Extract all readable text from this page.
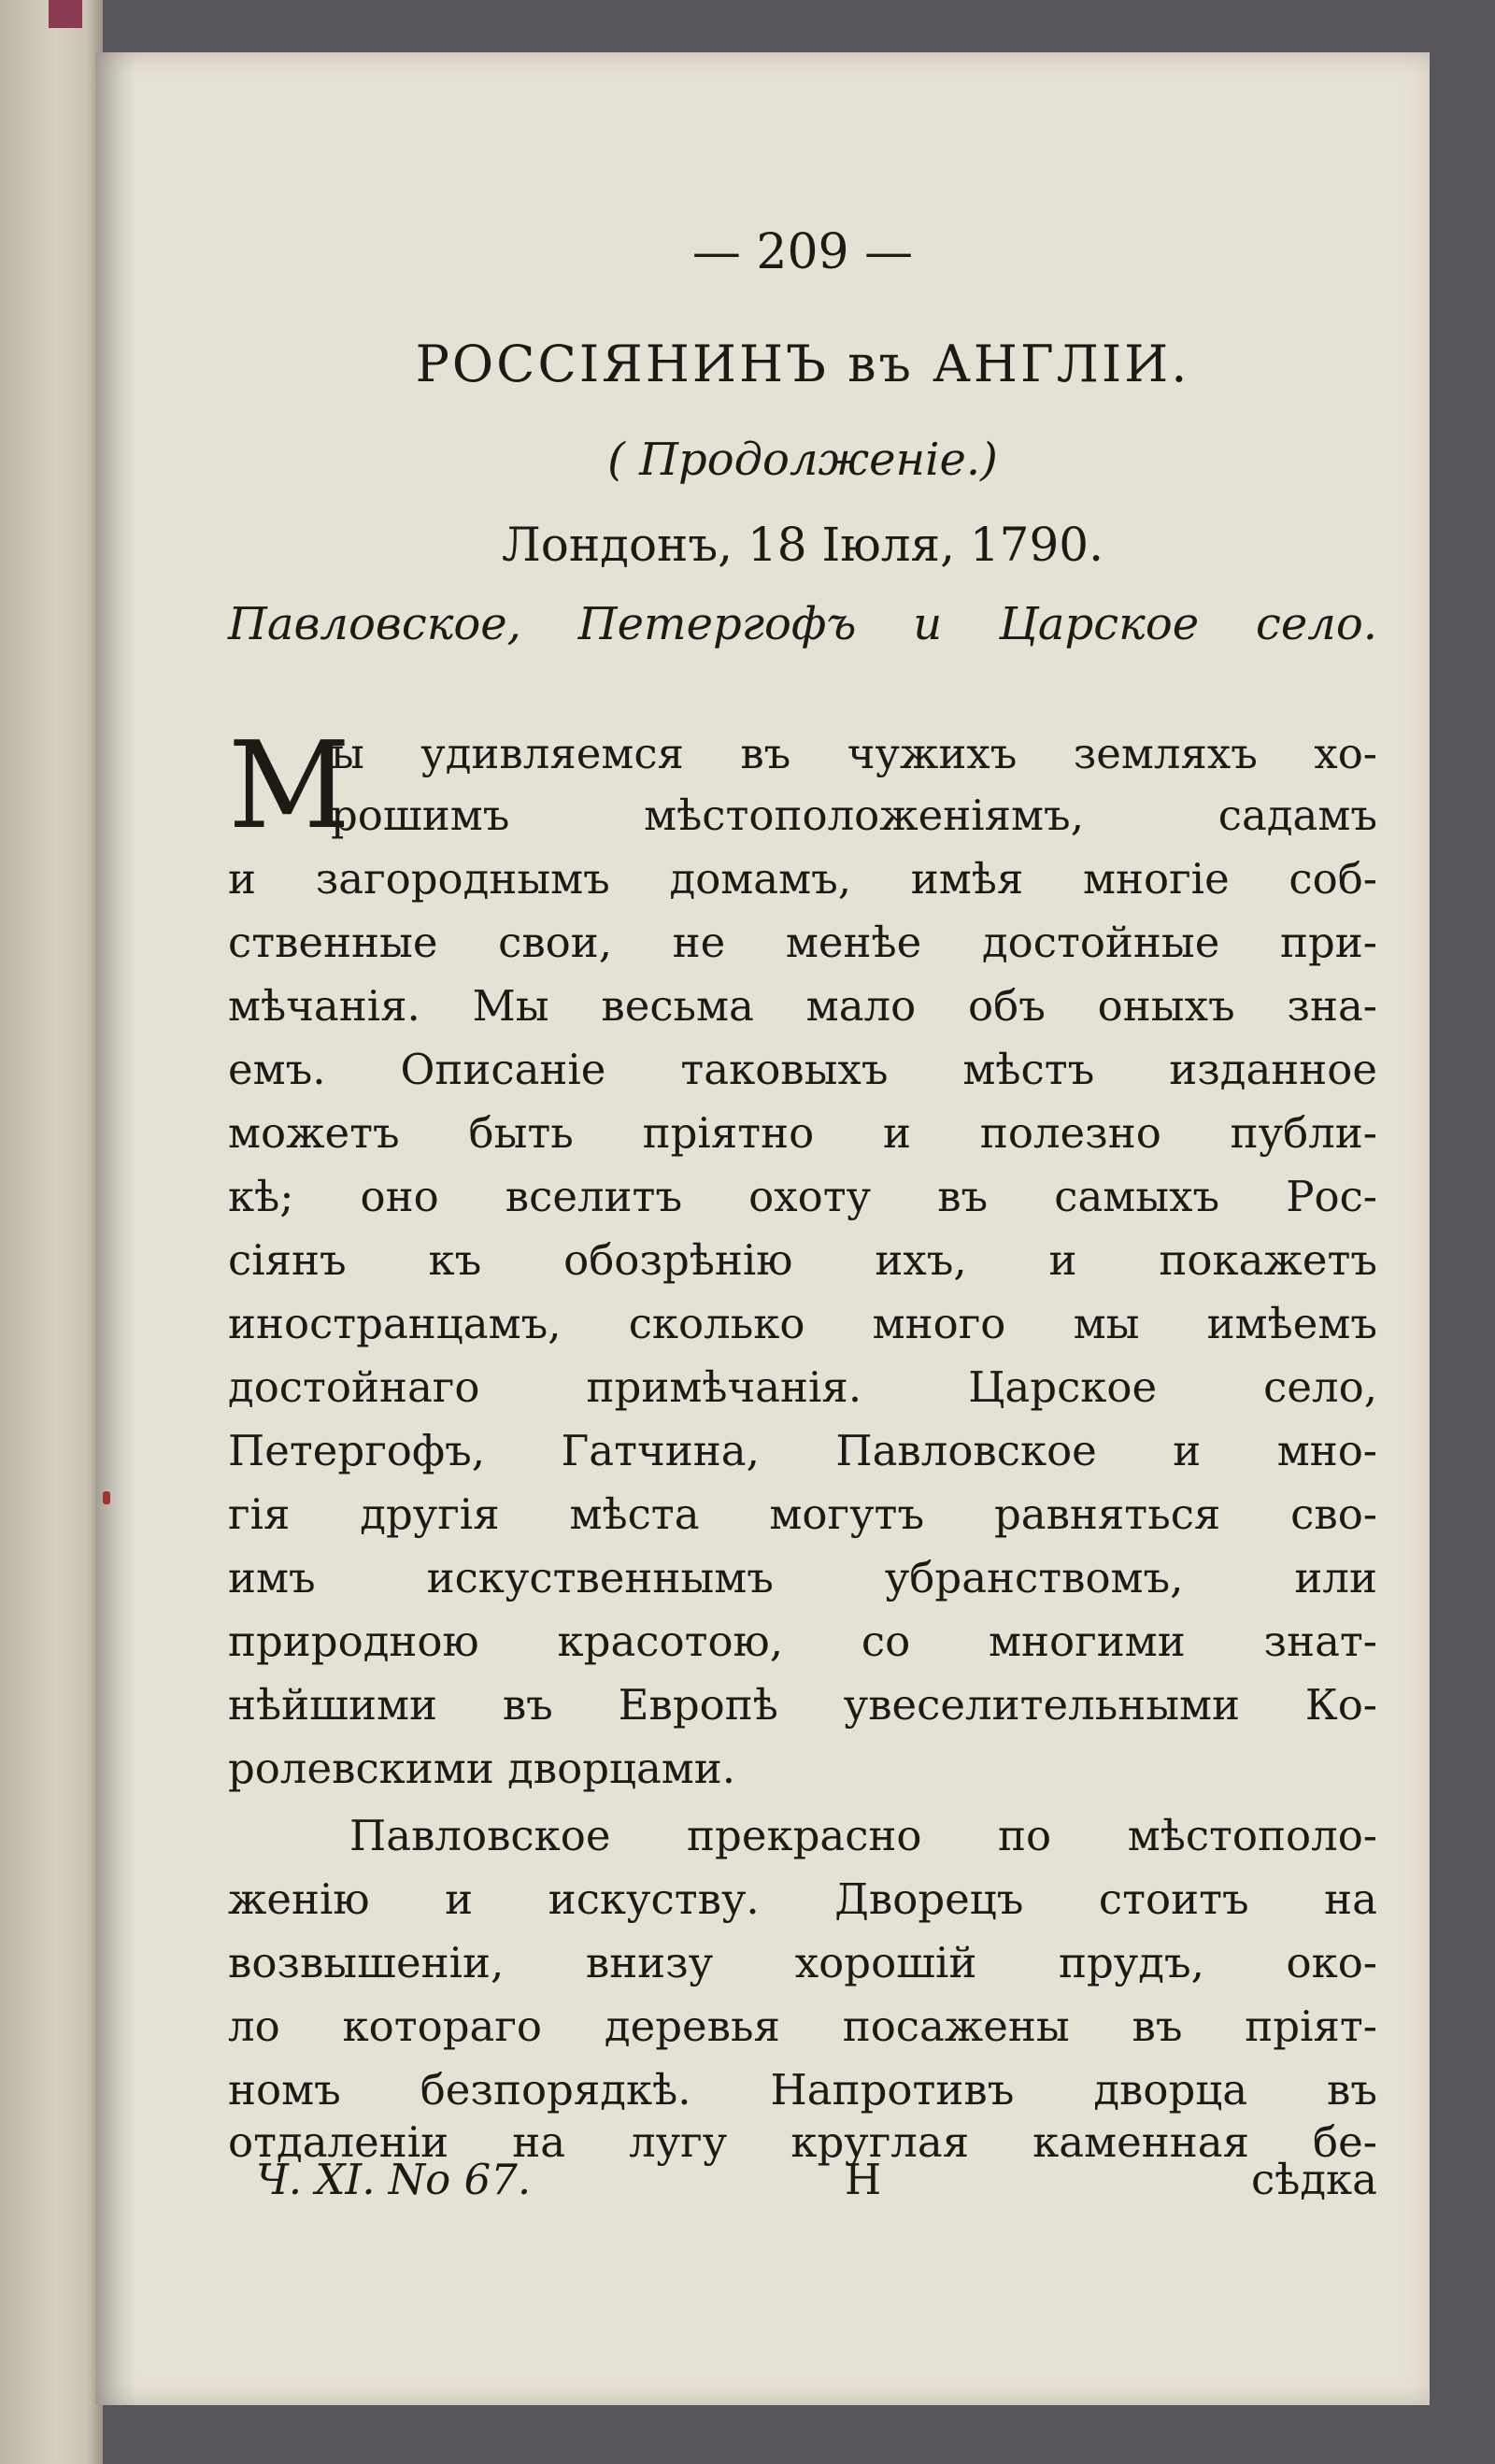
— 209 —
РОССІЯНИНЪ въ АНГЛІИ.
( Продолженіе.)
Лондонъ, 18 Іюля, 1790.
Павловское, Петергофъ и Царское село.
М
ы удивляемся въ чужихъ земляхъ хо-
рошимъ мѣстоположеніямъ, садамъ
и загороднымъ домамъ, имѣя многіе соб-
ственные свои, не менѣе достойные при-
мѣчанія. Мы весьма мало объ оныхъ зна-
емъ. Описаніе таковыхъ мѣстъ изданное
можетъ быть пріятно и полезно публи-
кѣ; оно вселитъ охоту въ самыхъ Рос-
сіянъ къ обозрѣнію ихъ, и покажетъ
иностранцамъ, сколько много мы имѣемъ
достойнаго примѣчанія. Царское село,
Петергофъ, Гатчина, Павловское и мно-
гія другія мѣста могутъ равняться сво-
имъ искуственнымъ убранствомъ, или
природною красотою, со многими знат-
нѣйшими въ Европѣ увеселительными Ко-
ролевскими дворцами.
Павловское прекрасно по мѣстополо-
женію и искуству. Дворецъ стоитъ на
возвышеніи, внизу хорошій прудъ, око-
ло котораго деревья посажены въ пріят-
номъ безпорядкѣ. Напротивъ дворца въ
отдаленіи на лугу круглая каменная бе-
Ч. XI. No 67.	Н	сѣдка
